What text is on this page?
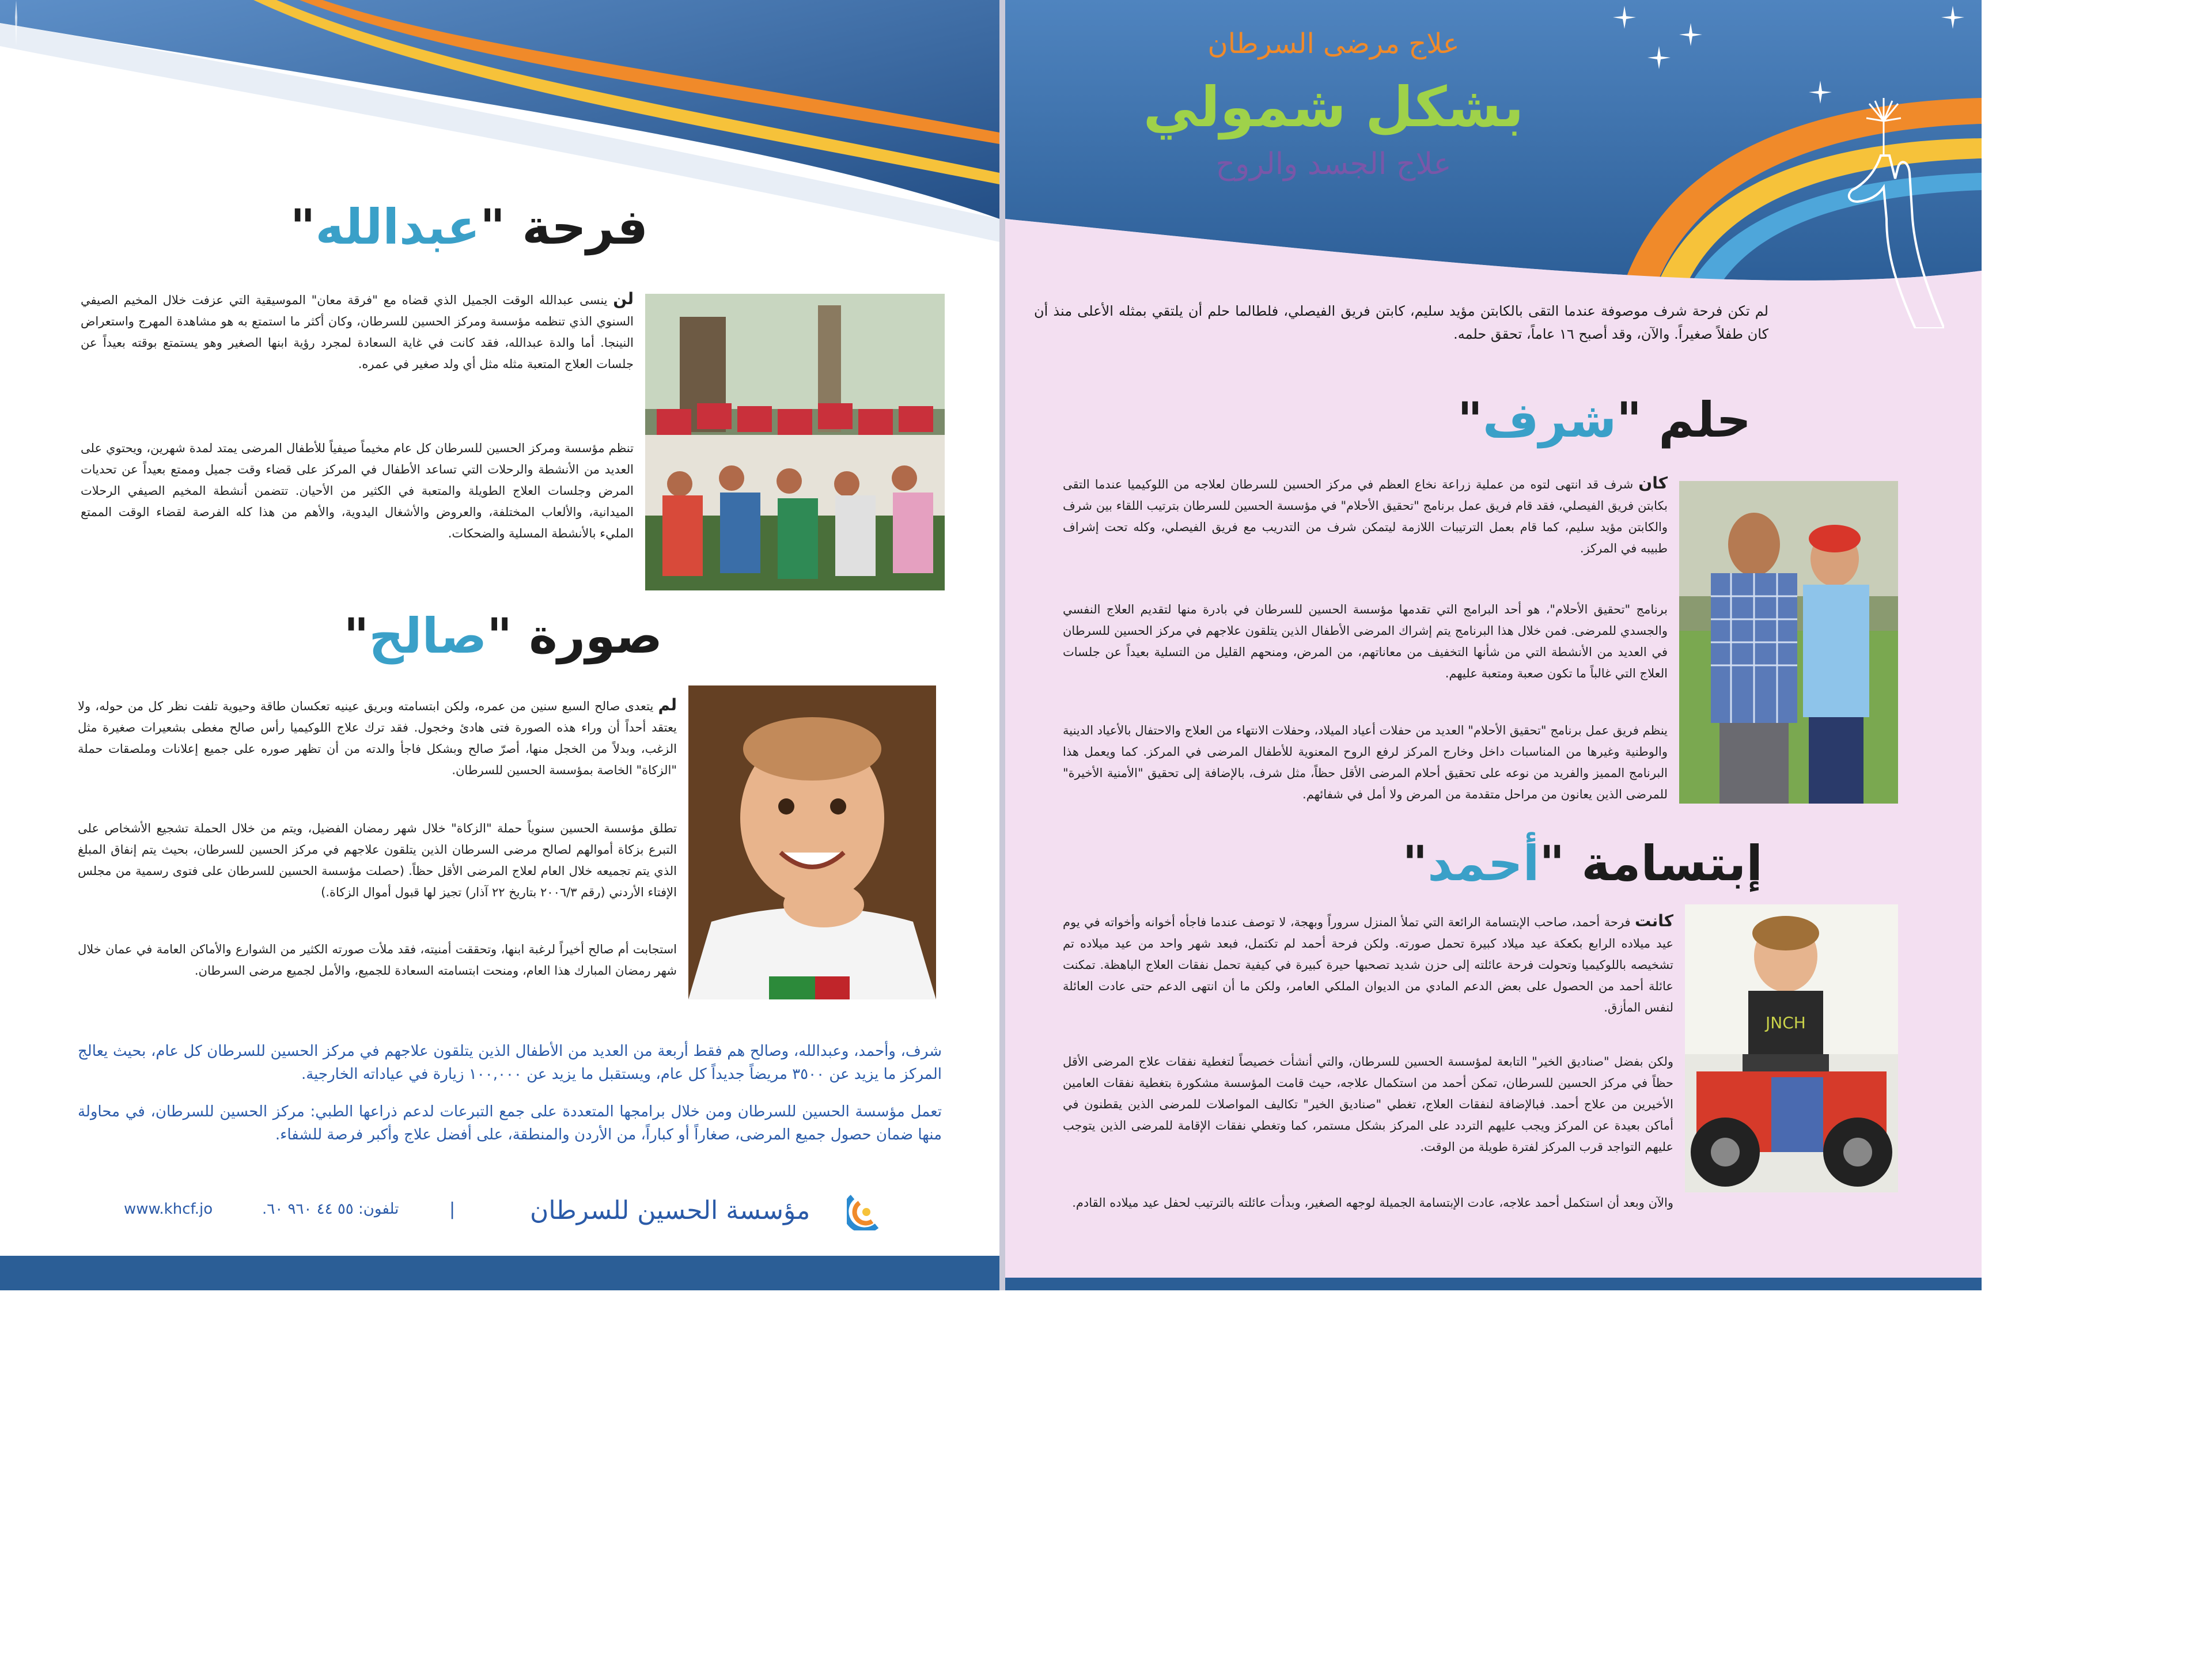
فرحة "عبدالله"

لن ينسى عبدالله الوقت الجميل الذي قضاه مع "فرقة معان" الموسيقية التي عزفت خلال المخيم الصيفي السنوي الذي تنظمه مؤسسة ومركز الحسين للسرطان، وكان أكثر ما استمتع به هو مشاهدة المهرج واستعراض النينجا. أما والدة عبدالله، فقد كانت في غاية السعادة لمجرد رؤية ابنها الصغير وهو يستمتع بوقته بعيداً عن جلسات العلاج المتعبة مثله مثل أي ولد صغير في عمره.

تنظم مؤسسة ومركز الحسين للسرطان كل عام مخيماً صيفياً للأطفال المرضى يمتد لمدة شهرين، ويحتوي على العديد من الأنشطة والرحلات التي تساعد الأطفال في المركز على قضاء وقت جميل وممتع بعيداً عن تحديات المرض وجلسات العلاج الطويلة والمتعبة في الكثير من الأحيان. تتضمن أنشطة المخيم الصيفي الرحلات الميدانية، والألعاب المختلفة، والعروض والأشغال اليدوية، والأهم من هذا كله الفرصة لقضاء الوقت الممتع المليء بالأنشطة المسلية والضحكات.

صورة "صالح"

لم يتعدى صالح السبع سنين من عمره، ولكن ابتسامته وبريق عينيه تعكسان طاقة وحيوية تلفت نظر كل من حوله، ولا يعتقد أحداً أن وراء هذه الصورة فتى هادئ وخجول. فقد ترك علاج اللوكيميا رأس صالح مغطى بشعيرات صغيرة مثل الزغب، وبدلاً من الخجل منها، أصرّ صالح وبشكل فاجأ والدته من أن تظهر صوره على جميع إعلانات وملصقات حملة "الزكاة" الخاصة بمؤسسة الحسين للسرطان.

تطلق مؤسسة الحسين سنوياً حملة "الزكاة" خلال شهر رمضان الفضيل، ويتم من خلال الحملة تشجيع الأشخاص على التبرع بزكاة أموالهم لصالح مرضى السرطان الذين يتلقون علاجهم في مركز الحسين للسرطان، بحيث يتم إنفاق المبلغ الذي يتم تجميعه خلال العام لعلاج المرضى الأقل حظاً. (حصلت مؤسسة الحسين للسرطان على فتوى رسمية من مجلس الإفتاء الأردني (رقم ٢٠٠٦/٣ بتاريخ ٢٢ آذار) تجيز لها قبول أموال الزكاة.)

استجابت أم صالح أخيراً لرغبة ابنها، وتحققت أمنيته، فقد ملأت صورته الكثير من الشوارع والأماكن العامة في عمان خلال شهر رمضان المبارك هذا العام، ومنحت ابتسامته السعادة للجميع، والأمل لجميع مرضى السرطان.

شرف، وأحمد، وعبدالله، وصالح هم فقط أربعة من العديد من الأطفال الذين يتلقون علاجهم في مركز الحسين للسرطان كل عام، بحيث يعالج المركز ما يزيد عن ٣٥٠٠ مريضاً جديداً كل عام، ويستقبل ما يزيد عن ١٠٠,٠٠٠ زيارة في عياداته الخارجية.

تعمل مؤسسة الحسين للسرطان ومن خلال برامجها المتعددة على جمع التبرعات لدعم ذراعها الطبي: مركز الحسين للسرطان، في محاولة منها ضمان حصول جميع المرضى، صغاراً أو كباراً، من الأردن والمنطقة، على أفضل علاج وأكبر فرصة للشفاء.

www.khcf.jo	تلفون: ٥٥ ٤٤ ٩٦٠ ٦٠.	|	مؤسسة الحسين للسرطان
علاج مرضى السرطان
بشكل شمولي
علاج الجسد والروح

لم تكن فرحة شرف موصوفة عندما التقى بالكابتن مؤيد سليم، كابتن فريق الفيصلي، فلطالما حلم أن يلتقي بمثله الأعلى منذ أن كان طفلاً صغيراً. والآن، وقد أصبح ١٦ عاماً، تحقق حلمه.

حلم "شرف"

كان شرف قد انتهى لتوه من عملية زراعة نخاع العظم في مركز الحسين للسرطان لعلاجه من اللوكيميا عندما التقى بكابتن فريق الفيصلي، فقد قام فريق عمل برنامج "تحقيق الأحلام" في مؤسسة الحسين للسرطان بترتيب اللقاء بين شرف والكابتن مؤيد سليم، كما قام بعمل الترتيبات اللازمة ليتمكن شرف من التدريب مع فريق الفيصلي، وكله تحت إشراف طبيبه في المركز.

برنامج "تحقيق الأحلام"، هو أحد البرامج التي تقدمها مؤسسة الحسين للسرطان في بادرة منها لتقديم العلاج النفسي والجسدي للمرضى. فمن خلال هذا البرنامج يتم إشراك المرضى الأطفال الذين يتلقون علاجهم في مركز الحسين للسرطان في العديد من الأنشطة التي من شأنها التخفيف من معاناتهم، من المرض، ومنحهم القليل من التسلية بعيداً عن جلسات العلاج التي غالباً ما تكون صعبة ومتعبة عليهم.

ينظم فريق عمل برنامج "تحقيق الأحلام" العديد من حفلات أعياد الميلاد، وحفلات الانتهاء من العلاج والاحتفال بالأعياد الدينية والوطنية وغيرها من المناسبات داخل وخارج المركز لرفع الروح المعنوية للأطفال المرضى في المركز. كما ويعمل هذا البرنامج المميز والفريد من نوعه على تحقيق أحلام المرضى الأقل حظاً، مثل شرف، بالإضافة إلى تحقيق "الأمنية الأخيرة" للمرضى الذين يعانون من مراحل متقدمة من المرض ولا أمل في شفائهم.

إبتسامة "أحمد"

كانت فرحة أحمد، صاحب الإبتسامة الرائعة التي تملأ المنزل سروراً وبهجة، لا توصف عندما فاجأه أخوانه وأخواته في يوم عيد ميلاده الرابع بكعكة عيد ميلاد كبيرة تحمل صورته. ولكن فرحة أحمد لم تكتمل، فبعد شهر واحد من عيد ميلاده تم تشخيصه باللوكيميا وتحولت فرحة عائلته إلى حزن شديد تصحبها حيرة كبيرة في كيفية تحمل نفقات العلاج الباهظة. تمكنت عائلة أحمد من الحصول على بعض الدعم المادي من الديوان الملكي العامر، ولكن ما أن انتهى الدعم حتى عادت العائلة لنفس المأزق.

ولكن بفضل "صناديق الخير" التابعة لمؤسسة الحسين للسرطان، والتي أنشأت خصيصاً لتغطية نفقات علاج المرضى الأقل حظاً في مركز الحسين للسرطان، تمكن أحمد من استكمال علاجه، حيث قامت المؤسسة مشكورة بتغطية نفقات العامين الأخيرين من علاج أحمد. فبالإضافة لنفقات العلاج، تغطي "صناديق الخير" تكاليف المواصلات للمرضى الذين يقطنون في أماكن بعيدة عن المركز ويجب عليهم التردد على المركز بشكل مستمر، كما وتغطي نفقات الإقامة للمرضى الذين يتوجب عليهم التواجد قرب المركز لفترة طويلة من الوقت.

والآن وبعد أن استكمل أحمد علاجه، عادت الإبتسامة الجميلة لوجهه الصغير، وبدأت عائلته بالترتيب لحفل عيد ميلاده القادم.

JNCH
